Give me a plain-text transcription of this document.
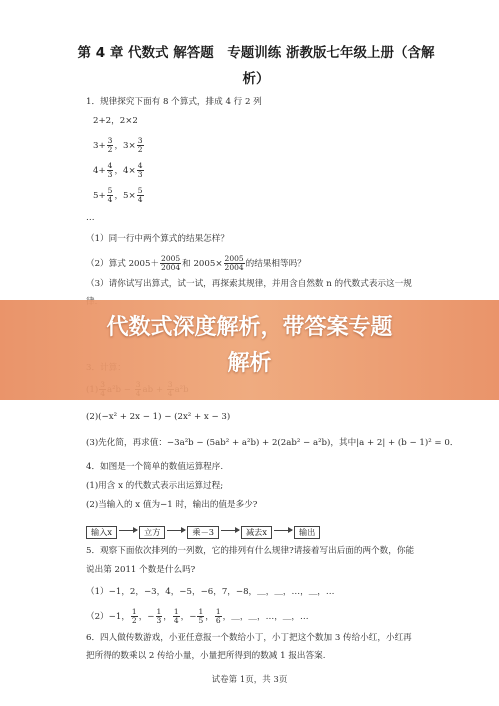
第 4 章 代数式 解答题　专题训练 浙教版七年级上册（含解
析）
1．规律探究下面有 8 个算式，排成 4 行 2 列
2+2，2×2
$3+ \frac{3}{2}$ ，$3\times \frac{3}{2}$
$4+ \frac{4}{3}$ ，$4\times \frac{4}{3}$
$5+ \frac{5}{4}$ ，$5\times \frac{5}{4}$
…
（1）同一行中两个算式的结果怎样？
（2）算式 $2005+ \frac{2005}{2004}$ 和 $2005\times \frac{2005}{2004}$ 的结果相等吗？
（3）请你试写出算式，试一试，再探索其规律，并用含自然数 n 的代数式表示这一规
(2)(−x² + 2x − 1) − (2x² + x − 3)
(3)先化简，再求值：−3a²b − (5ab² + a²b) + 2(2ab² − a²b)，其中|a + 2| + (b − 1)² = 0．
4．如图是一个简单的数值运算程序.
(1)用含 x 的代数式表示出运算过程;
(2)当输入的 x 值为−1 时，输出的值是多少?
输入x	立方	乘－3	减去x	输出
5．观察下面依次排列的一列数，它的排列有什么规律?请接着写出后面的两个数，你能
说出第 2011 个数是什么吗?
（1）−1，2，−3，4，−5，−6，7，−8，＿，＿，…，＿，…
（2）−1， $\frac{1}{2}$ ，− $\frac{1}{3}$ ， $\frac{1}{4}$ ，− $\frac{1}{5}$ ， $\frac{1}{6}$ ，＿，＿，…，＿，…
6．四人做传数游戏，小亚任意报一个数给小丁，小丁把这个数加 3 传给小红，小红再
把所得的数乘以 2 传给小量，小量把所得到的数减 1 报出答案.
试卷第 1页，共 3页
代数式深度解析，带答案专题
解析
